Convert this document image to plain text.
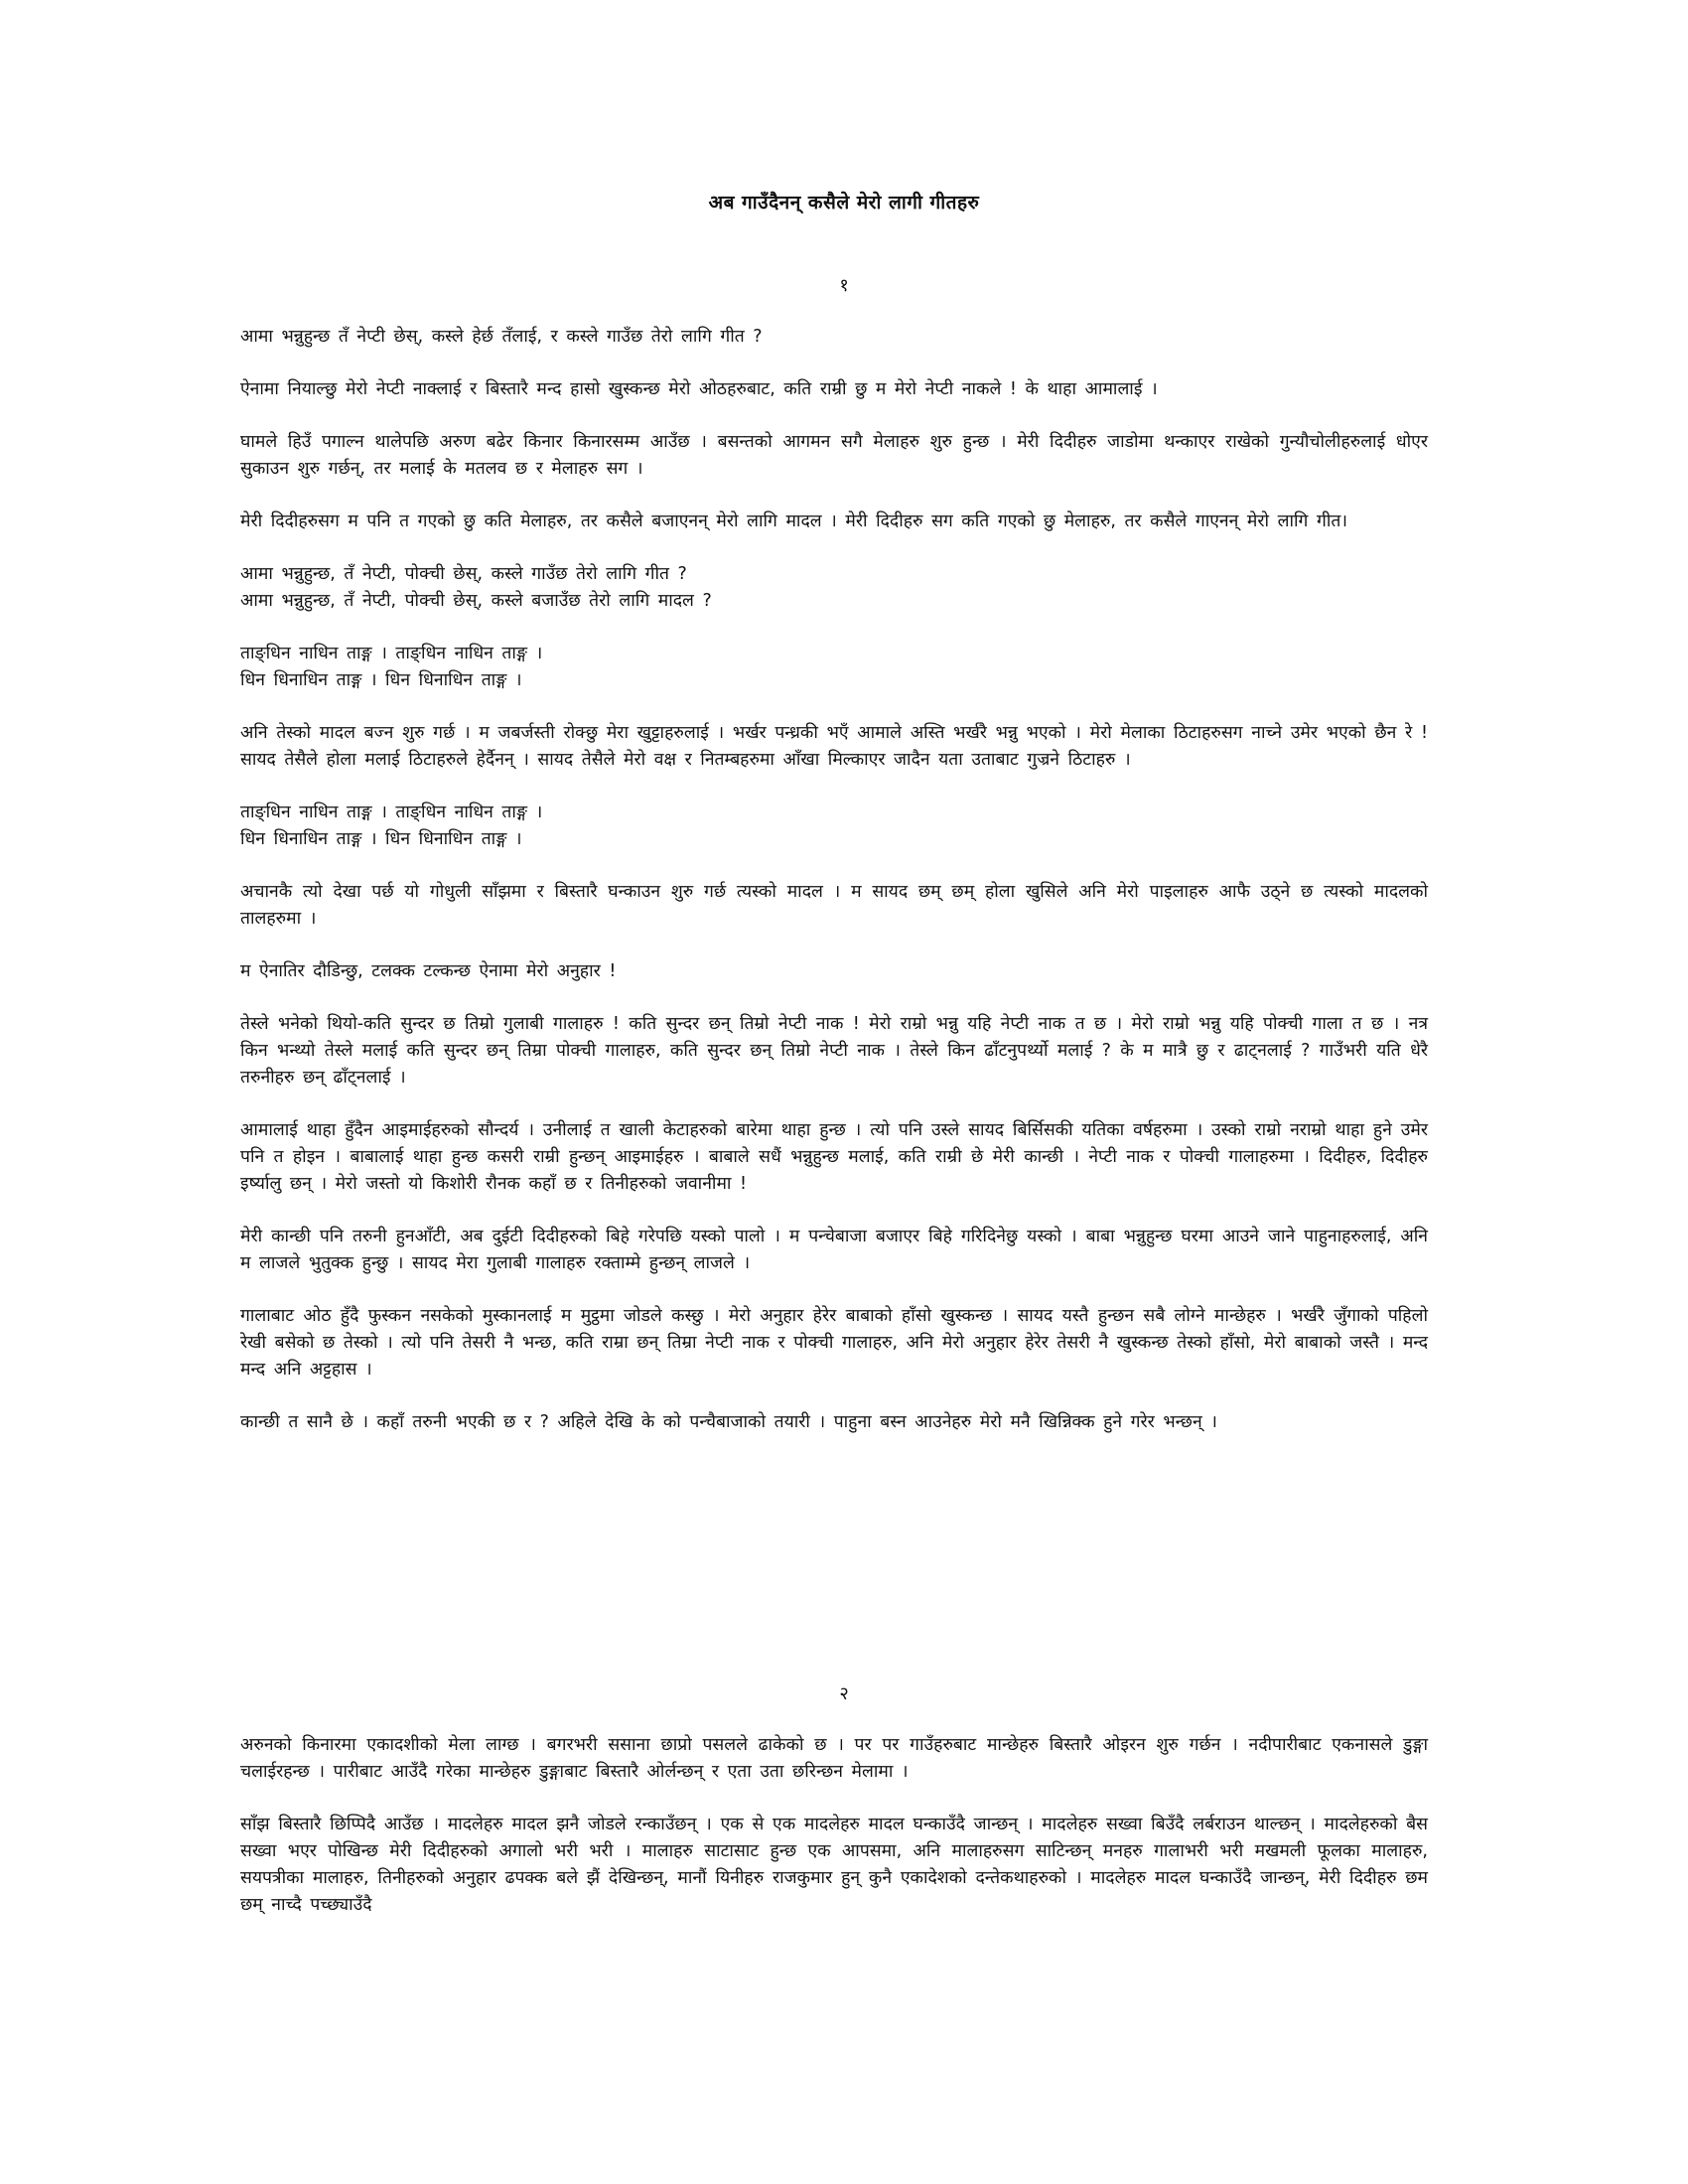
अब गाउँदैनन् कसैले मेरो लागी गीतहरु
१
आमा भन्नुहुन्छ तँ नेप्टी छेस्, कस्ले हेर्छ तँलाई, र कस्ले गाउँछ तेरो लागि गीत ?
ऐनामा नियाल्छु मेरो नेप्टी नाक्लाई र बिस्तारै मन्द हासो खुस्कन्छ मेरो ओठहरुबाट, कति राम्री छु म मेरो नेप्टी नाकले ! के थाहा आमालाई ।
घामले हिउँ पगाल्न थालेपछि अरुण बढेर किनार किनारसम्म आउँछ । बसन्तको आगमन सगै मेलाहरु शुरु हुन्छ । मेरी दिदीहरु जाडोमा थन्काएर राखेको गुन्यौचोलीहरुलाई धोएर सुकाउन शुरु गर्छन्, तर मलाई के मतलव छ र मेलाहरु सग ।
मेरी दिदीहरुसग म पनि त गएको छु कति मेलाहरु, तर कसैले बजाएनन् मेरो लागि मादल । मेरी दिदीहरु सग कति गएको छु मेलाहरु, तर कसैले गाएनन् मेरो लागि गीत।
आमा भन्नुहुन्छ, तँ नेप्टी, पोक्ची छेस्, कस्ले गाउँछ तेरो लागि गीत ?
आमा भन्नुहुन्छ, तँ नेप्टी, पोक्ची छेस्, कस्ले बजाउँछ तेरो लागि मादल ?
ताङ्धिन नाधिन ताङ्ग । ताङ्धिन नाधिन ताङ्ग ।
धिन धिनाधिन ताङ्ग । धिन धिनाधिन ताङ्ग ।
अनि तेस्को मादल बज्न शुरु गर्छ । म जबर्जस्ती रोक्छु मेरा खुट्टाहरुलाई । भर्खर पन्ध्रकी भएँ आमाले अस्ति भर्खरै भन्नु भएको । मेरो मेलाका ठिटाहरुसग नाच्ने उमेर भएको छैन रे ! सायद तेसैले होला मलाई ठिटाहरुले हेर्दैनन् । सायद तेसैले मेरो वक्ष र नितम्बहरुमा आँखा मिल्काएर जादैन यता उताबाट गुज्रने ठिटाहरु ।
ताङ्धिन नाधिन ताङ्ग । ताङ्धिन नाधिन ताङ्ग ।
धिन धिनाधिन ताङ्ग । धिन धिनाधिन ताङ्ग ।
अचानकै त्यो देखा पर्छ यो गोधुली साँझमा र बिस्तारै घन्काउन शुरु गर्छ त्यस्को मादल । म सायद छम् छम् होला खुसिले अनि मेरो पाइलाहरु आफै उठ्ने छ त्यस्को मादलको तालहरुमा ।
म ऐनातिर दौडिन्छु, टलक्क टल्कन्छ ऐनामा मेरो अनुहार !
तेस्ले भनेको थियो-कति सुन्दर छ तिम्रो गुलाबी गालाहरु ! कति सुन्दर छन् तिम्रो नेप्टी नाक ! मेरो राम्रो भन्नु यहि नेप्टी नाक त छ । मेरो राम्रो भन्नु यहि पोक्ची गाला त छ । नत्र किन भन्थ्यो तेस्ले मलाई कति सुन्दर छन् तिम्रा पोक्ची गालाहरु, कति सुन्दर छन् तिम्रो नेप्टी नाक । तेस्ले किन ढाँटनुपर्थ्यो मलाई ? के म मात्रै छु र ढाट्नलाई ? गाउँभरी यति धेरै तरुनीहरु छन् ढाँट्नलाई ।
आमालाई थाहा हुँदैन आइमाईहरुको सौन्दर्य । उनीलाई त खाली केटाहरुको बारेमा थाहा हुन्छ । त्यो पनि उस्ले सायद बिर्सिसकी यतिका वर्षहरुमा । उस्को राम्रो नराम्रो थाहा हुने उमेर पनि त होइन । बाबालाई थाहा हुन्छ कसरी राम्री हुन्छन् आइमाईहरु । बाबाले सधैं भन्नुहुन्छ मलाई, कति राम्री छे मेरी कान्छी । नेप्टी नाक र पोक्ची गालाहरुमा । दिदीहरु, दिदीहरु इर्ष्यालु छन् । मेरो जस्तो यो किशोरी रौनक कहाँ छ र तिनीहरुको जवानीमा !
मेरी कान्छी पनि तरुनी हुनआँटी, अब दुईटी दिदीहरुको बिहे गरेपछि यस्को पालो । म पन्चेबाजा बजाएर बिहे गरिदिनेछु यस्को । बाबा भन्नुहुन्छ घरमा आउने जाने पाहुनाहरुलाई, अनि म लाजले भुतुक्क हुन्छु । सायद मेरा गुलाबी गालाहरु रक्ताम्मे हुन्छन् लाजले ।
गालाबाट ओठ हुँदै फुस्कन नसकेको मुस्कानलाई म मुट्ठमा जोडले कस्छु । मेरो अनुहार हेरेर बाबाको हाँसो खुस्कन्छ । सायद यस्तै हुन्छन सबै लोग्ने मान्छेहरु । भर्खरै जुँगाको पहिलो रेखी बसेको छ तेस्को । त्यो पनि तेसरी नै भन्छ, कति राम्रा छन् तिम्रा नेप्टी नाक र पोक्ची गालाहरु, अनि मेरो अनुहार हेरेर तेसरी नै खुस्कन्छ तेस्को हाँसो, मेरो बाबाको जस्तै । मन्द मन्द अनि अट्टहास ।
कान्छी त सानै छे । कहाँ तरुनी भएकी छ र ? अहिले देखि के को पन्चैबाजाको तयारी । पाहुना बस्न आउनेहरु मेरो मनै खिन्निक्क हुने गरेर भन्छन् ।
२
अरुनको किनारमा एकादशीको मेला लाग्छ । बगरभरी ससाना छाप्रो पसलले ढाकेको छ । पर पर गाउँहरुबाट मान्छेहरु बिस्तारै ओइरन शुरु गर्छन । नदीपारीबाट एकनासले डुङ्गा चलाईरहन्छ । पारीबाट आउँदै गरेका मान्छेहरु डुङ्गाबाट बिस्तारै ओर्लन्छन् र एता उता छरिन्छन मेलामा ।
साँझ बिस्तारै छिप्पिदै आउँछ । मादलेहरु मादल झनै जोडले रन्काउँछन् । एक से एक मादलेहरु मादल घन्काउँदै जान्छन् । मादलेहरु सख्वा बिउँदै लर्बराउन थाल्छन् । मादलेहरुको बैस सख्वा भएर पोखिन्छ मेरी दिदीहरुको अगालो भरी भरी । मालाहरु साटासाट हुन्छ एक आपसमा, अनि मालाहरुसग साटिन्छन् मनहरु गालाभरी भरी मखमली फूलका मालाहरु, सयपत्रीका मालाहरु, तिनीहरुको अनुहार ढपक्क बले झैं देखिन्छन्, मानौं यिनीहरु राजकुमार हुन् कुनै एकादेशको दन्तेकथाहरुको । मादलेहरु मादल घन्काउँदै जान्छन्, मेरी दिदीहरु छम छम् नाच्दै पच्छ्याउँदै
